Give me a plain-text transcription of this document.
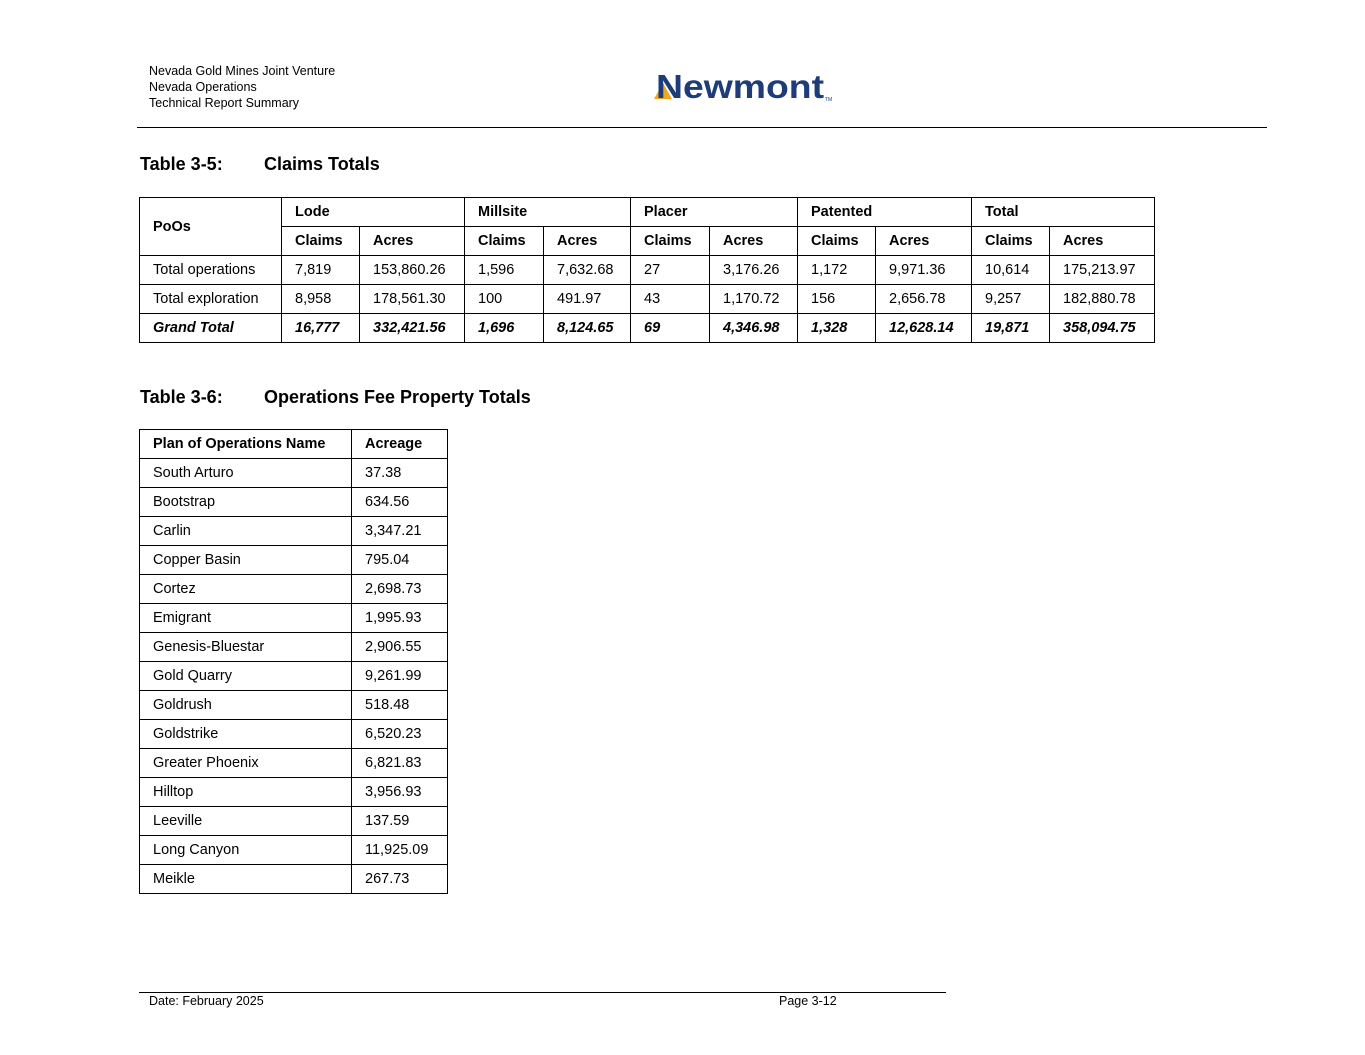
Nevada Gold Mines Joint Venture
Nevada Operations
Technical Report Summary	Newmont TM
Table 3-5: Claims Totals
PoOs	Lode		Millsite		Placer		Patented		Total	
	Claims	Acres	Claims	Acres	Claims	Acres	Claims	Acres	Claims	Acres
Total operations	7,819	153,860.26	1,596	7,632.68	27	3,176.26	1,172	9,971.36	10,614	175,213.97
Total exploration	8,958	178,561.30	100	491.97	43	1,170.72	156	2,656.78	9,257	182,880.78
Grand Total	16,777	332,421.56	1,696	8,124.65	69	4,346.98	1,328	12,628.14	19,871	358,094.75
Table 3-6: Operations Fee Property Totals
Plan of Operations Name	Acreage
South Arturo	37.38
Bootstrap	634.56
Carlin	3,347.21
Copper Basin	795.04
Cortez	2,698.73
Emigrant	1,995.93
Genesis-Bluestar	2,906.55
Gold Quarry	9,261.99
Goldrush	518.48
Goldstrike	6,520.23
Greater Phoenix	6,821.83
Hilltop	3,956.93
Leeville	137.59
Long Canyon	11,925.09
Meikle	267.73
Date: February 2025	Page 3-12
